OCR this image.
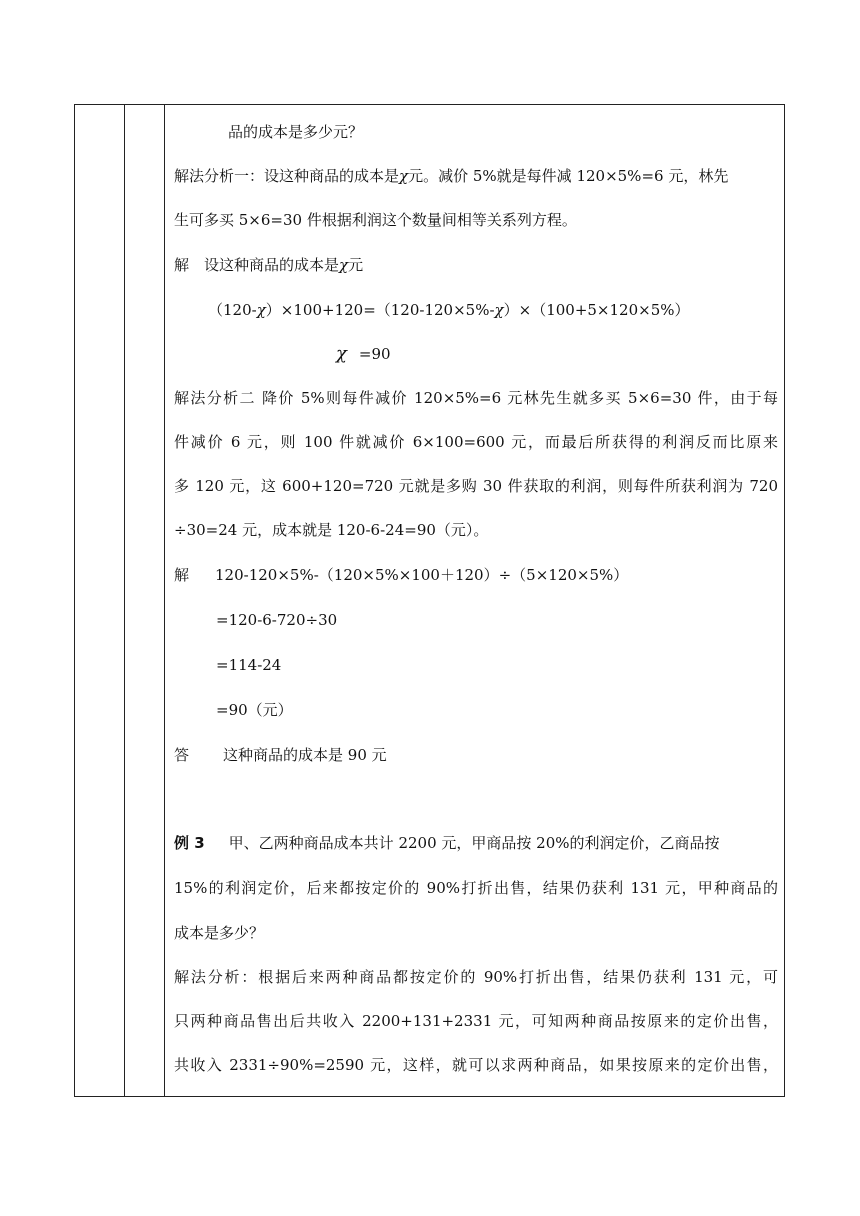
品的成本是多少元？
解法分析一：设这种商品的成本是χ元。减价 5%就是每件减 120×5%=6 元，林先
生可多买 5×6=30 件根据利润这个数量间相等关系列方程。
解　设这种商品的成本是χ元
（120-χ）×100+120=（120-120×5%-χ）×（100+5×120×5%）
χ =90
解法分析二 降价 5%则每件减价 120×5%=6 元林先生就多买 5×6=30 件，由于每
件减价 6 元，则 100 件就减价 6×100=600 元，而最后所获得的利润反而比原来
多 120 元，这 600+120=720 元就是多购 30 件获取的利润，则每件所获利润为 720
÷30=24 元，成本就是 120-6-24=90（元）。
解 120-120×5%-（120×5%×100＋120）÷（5×120×5%）
=120-6-720÷30
=114-24
=90（元）
答 这种商品的成本是 90 元
例 3 甲、乙两种商品成本共计 2200 元，甲商品按 20%的利润定价，乙商品按
15%的利润定价，后来都按定价的 90%打折出售，结果仍获利 131 元，甲种商品的
成本是多少？
解法分析：根据后来两种商品都按定价的 90%打折出售，结果仍获利 131 元，可
只两种商品售出后共收入 2200+131+2331 元，可知两种商品按原来的定价出售，
共收入 2331÷90%=2590 元，这样，就可以求两种商品，如果按原来的定价出售，
